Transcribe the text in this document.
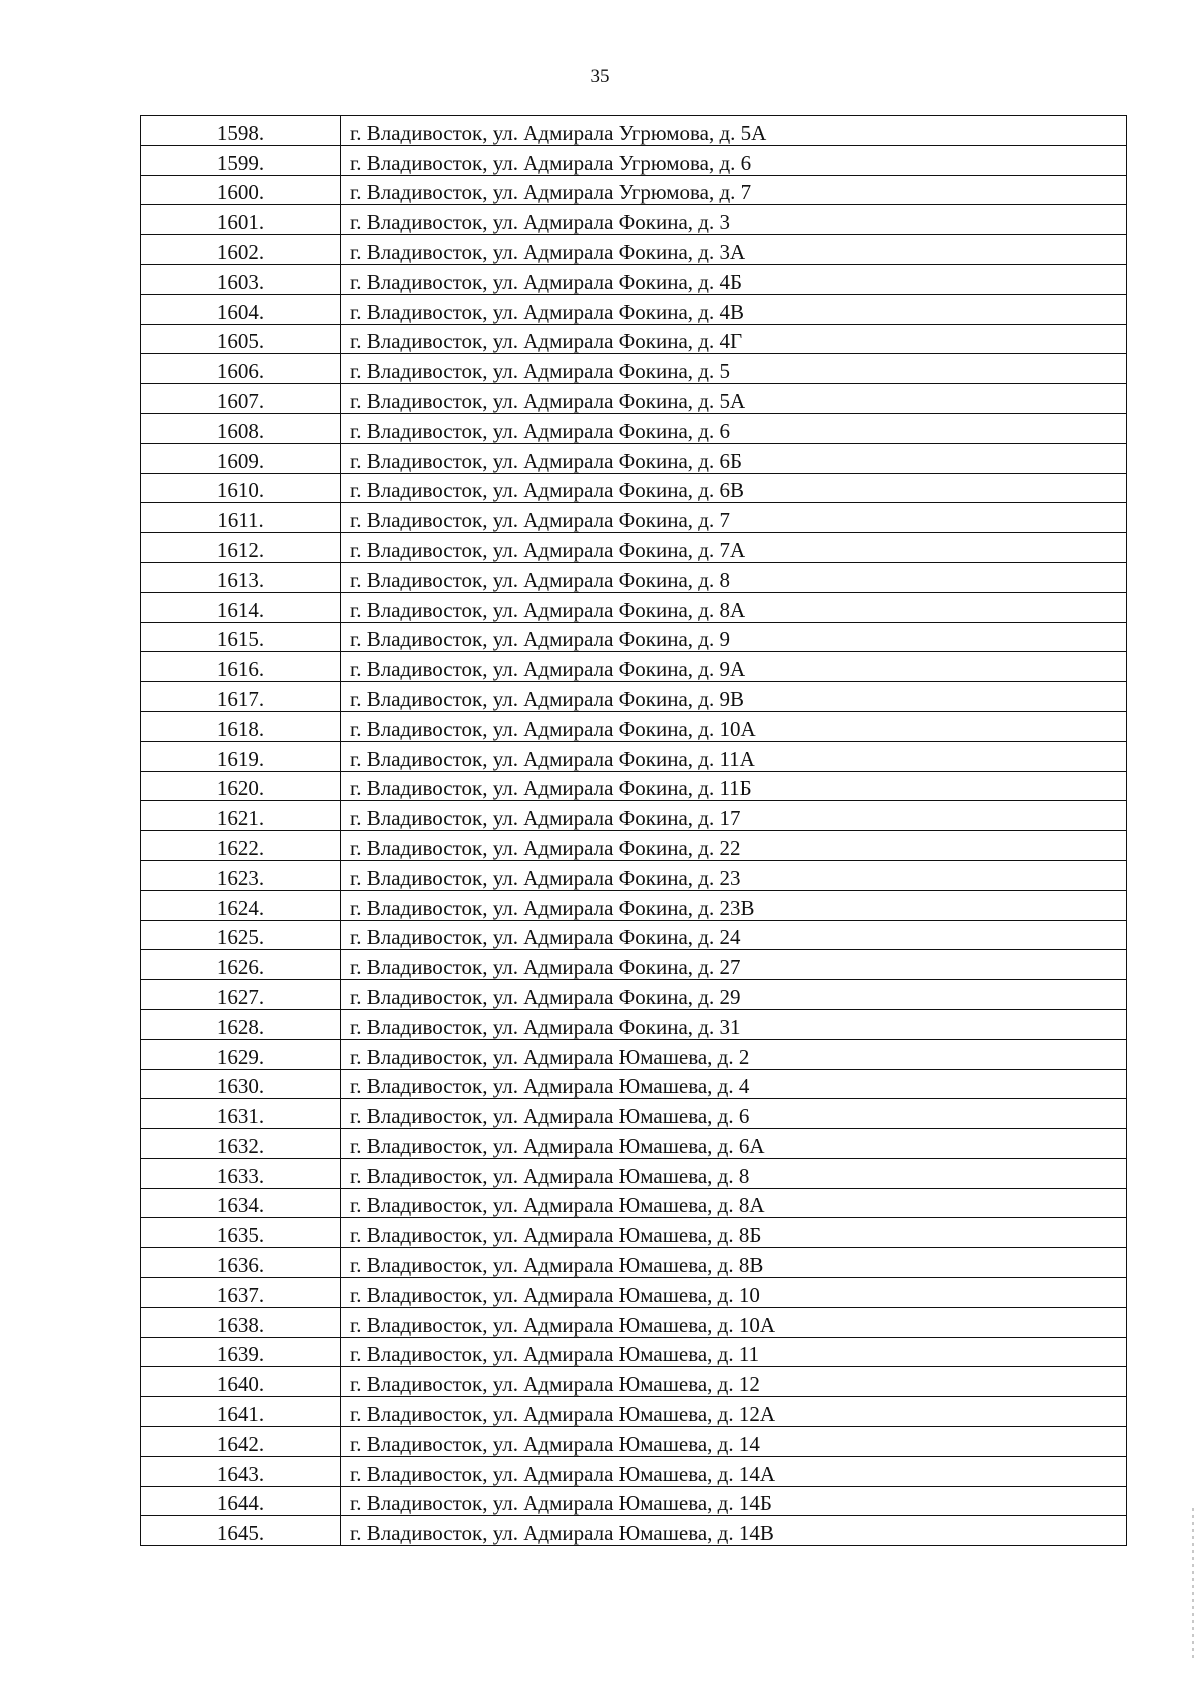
35
1598.	г. Владивосток, ул. Адмирала Угрюмова, д. 5А
1599.	г. Владивосток, ул. Адмирала Угрюмова, д. 6
1600.	г. Владивосток, ул. Адмирала Угрюмова, д. 7
1601.	г. Владивосток, ул. Адмирала Фокина, д. 3
1602.	г. Владивосток, ул. Адмирала Фокина, д. 3А
1603.	г. Владивосток, ул. Адмирала Фокина, д. 4Б
1604.	г. Владивосток, ул. Адмирала Фокина, д. 4В
1605.	г. Владивосток, ул. Адмирала Фокина, д. 4Г
1606.	г. Владивосток, ул. Адмирала Фокина, д. 5
1607.	г. Владивосток, ул. Адмирала Фокина, д. 5А
1608.	г. Владивосток, ул. Адмирала Фокина, д. 6
1609.	г. Владивосток, ул. Адмирала Фокина, д. 6Б
1610.	г. Владивосток, ул. Адмирала Фокина, д. 6В
1611.	г. Владивосток, ул. Адмирала Фокина, д. 7
1612.	г. Владивосток, ул. Адмирала Фокина, д. 7А
1613.	г. Владивосток, ул. Адмирала Фокина, д. 8
1614.	г. Владивосток, ул. Адмирала Фокина, д. 8А
1615.	г. Владивосток, ул. Адмирала Фокина, д. 9
1616.	г. Владивосток, ул. Адмирала Фокина, д. 9А
1617.	г. Владивосток, ул. Адмирала Фокина, д. 9В
1618.	г. Владивосток, ул. Адмирала Фокина, д. 10А
1619.	г. Владивосток, ул. Адмирала Фокина, д. 11А
1620.	г. Владивосток, ул. Адмирала Фокина, д. 11Б
1621.	г. Владивосток, ул. Адмирала Фокина, д. 17
1622.	г. Владивосток, ул. Адмирала Фокина, д. 22
1623.	г. Владивосток, ул. Адмирала Фокина, д. 23
1624.	г. Владивосток, ул. Адмирала Фокина, д. 23В
1625.	г. Владивосток, ул. Адмирала Фокина, д. 24
1626.	г. Владивосток, ул. Адмирала Фокина, д. 27
1627.	г. Владивосток, ул. Адмирала Фокина, д. 29
1628.	г. Владивосток, ул. Адмирала Фокина, д. 31
1629.	г. Владивосток, ул. Адмирала Юмашева, д. 2
1630.	г. Владивосток, ул. Адмирала Юмашева, д. 4
1631.	г. Владивосток, ул. Адмирала Юмашева, д. 6
1632.	г. Владивосток, ул. Адмирала Юмашева, д. 6А
1633.	г. Владивосток, ул. Адмирала Юмашева, д. 8
1634.	г. Владивосток, ул. Адмирала Юмашева, д. 8А
1635.	г. Владивосток, ул. Адмирала Юмашева, д. 8Б
1636.	г. Владивосток, ул. Адмирала Юмашева, д. 8В
1637.	г. Владивосток, ул. Адмирала Юмашева, д. 10
1638.	г. Владивосток, ул. Адмирала Юмашева, д. 10А
1639.	г. Владивосток, ул. Адмирала Юмашева, д. 11
1640.	г. Владивосток, ул. Адмирала Юмашева, д. 12
1641.	г. Владивосток, ул. Адмирала Юмашева, д. 12А
1642.	г. Владивосток, ул. Адмирала Юмашева, д. 14
1643.	г. Владивосток, ул. Адмирала Юмашева, д. 14А
1644.	г. Владивосток, ул. Адмирала Юмашева, д. 14Б
1645.	г. Владивосток, ул. Адмирала Юмашева, д. 14В
